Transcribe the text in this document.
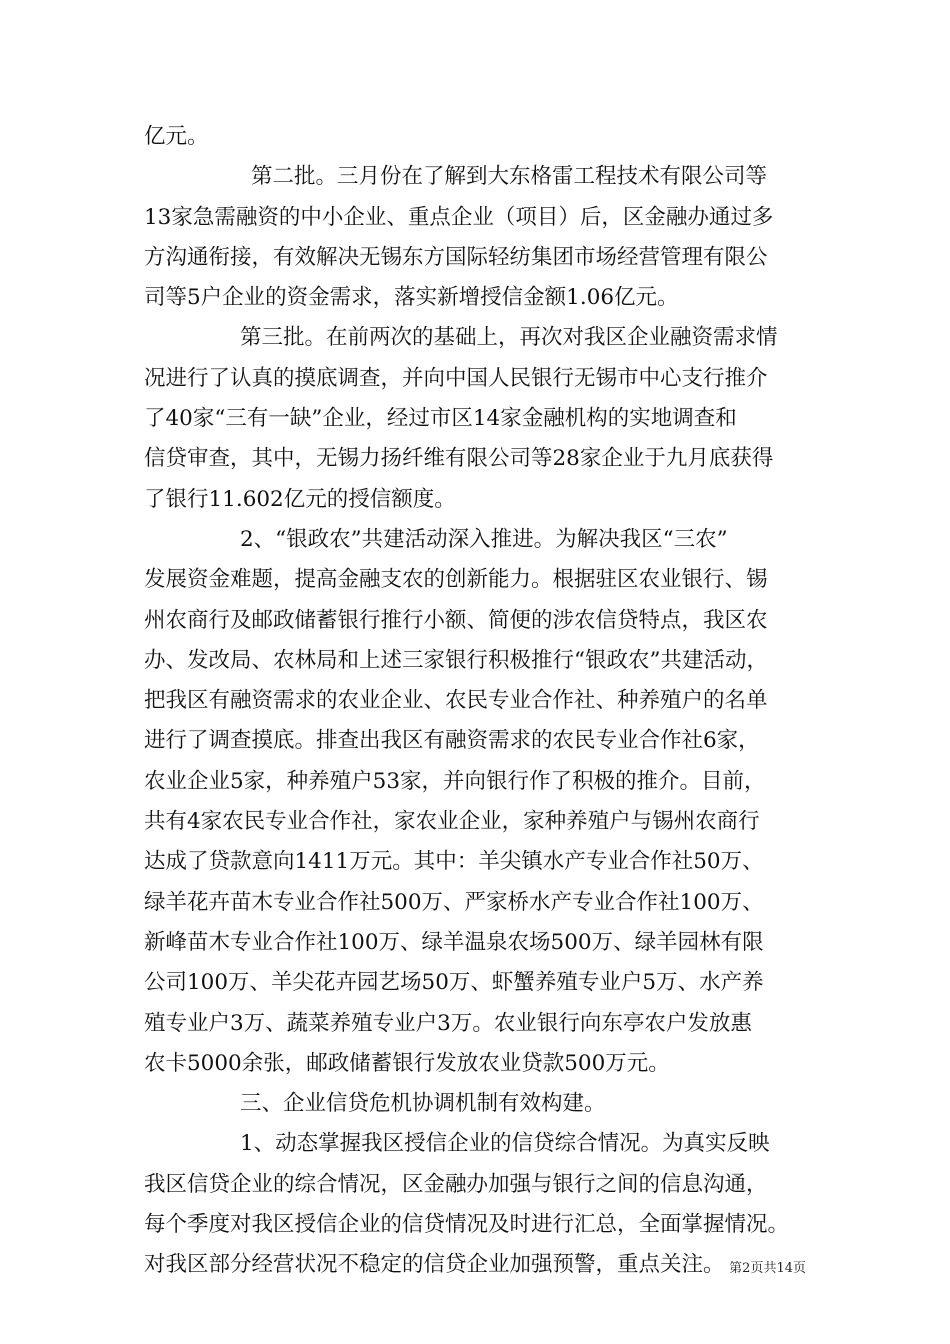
亿元。
第二批。三月份在了解到大东格雷工程技术有限公司等
13家急需融资的中小企业、重点企业（项目）后，区金融办通过多
方沟通衔接，有效解决无锡东方国际轻纺集团市场经营管理有限公
司等5户企业的资金需求，落实新增授信金额1.06亿元。
第三批。在前两次的基础上，再次对我区企业融资需求情
况进行了认真的摸底调查，并向中国人民银行无锡市中心支行推介
了40家“三有一缺”企业，经过市区14家金融机构的实地调查和
信贷审查，其中，无锡力扬纤维有限公司等28家企业于九月底获得
了银行11.602亿元的授信额度。
2、“银政农”共建活动深入推进。为解决我区“三农”
发展资金难题，提高金融支农的创新能力。根据驻区农业银行、锡
州农商行及邮政储蓄银行推行小额、简便的涉农信贷特点，我区农
办、发改局、农林局和上述三家银行积极推行“银政农”共建活动，
把我区有融资需求的农业企业、农民专业合作社、种养殖户的名单
进行了调查摸底。排查出我区有融资需求的农民专业合作社6家，
农业企业5家，种养殖户53家，并向银行作了积极的推介。目前，
共有4家农民专业合作社，家农业企业，家种养殖户与锡州农商行
达成了贷款意向1411万元。其中：羊尖镇水产专业合作社50万、
绿羊花卉苗木专业合作社500万、严家桥水产专业合作社100万、
新峰苗木专业合作社100万、绿羊温泉农场500万、绿羊园林有限
公司100万、羊尖花卉园艺场50万、虾蟹养殖专业户5万、水产养
殖专业户3万、蔬菜养殖专业户3万。农业银行向东亭农户发放惠
农卡5000余张，邮政储蓄银行发放农业贷款500万元。
三、企业信贷危机协调机制有效构建。
1、动态掌握我区授信企业的信贷综合情况。为真实反映
我区信贷企业的综合情况，区金融办加强与银行之间的信息沟通，
每个季度对我区授信企业的信贷情况及时进行汇总，全面掌握情况。
对我区部分经营状况不稳定的信贷企业加强预警，重点关注。 第2页共14页
